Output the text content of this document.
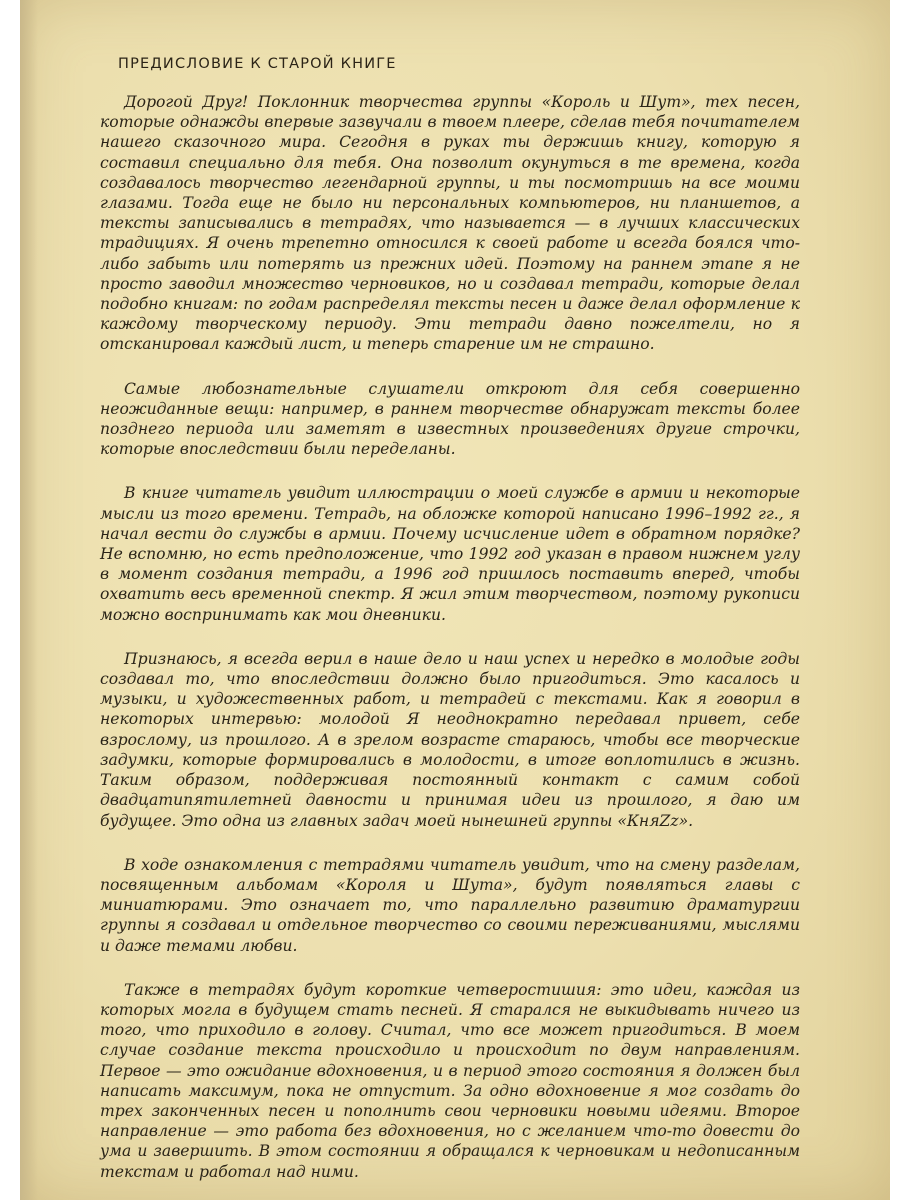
ПРЕДИСЛОВИЕ К СТАРОЙ КНИГЕ

Дорогой Друг! Поклонник творчества группы «Король и Шут», тех песен, которые однажды впервые зазвучали в твоем плеере, сделав тебя почитателем нашего сказочного мира. Сегодня в руках ты держишь книгу, которую я составил специально для тебя. Она позволит окунуться в те времена, когда создавалось творчество легендарной группы, и ты посмотришь на все моими глазами. Тогда еще не было ни персональных компьютеров, ни планшетов, а тексты записывались в тетрадях, что называется — в лучших классических традициях. Я очень трепетно относился к своей работе и всегда боялся что-либо забыть или потерять из прежних идей. Поэтому на раннем этапе я не просто заводил множество черновиков, но и создавал тетради, которые делал подобно книгам: по годам распределял тексты песен и даже делал оформление к каждому творческому периоду. Эти тетради давно пожелтели, но я отсканировал каждый лист, и теперь старение им не страшно.

Самые любознательные слушатели откроют для себя совершенно неожиданные вещи: например, в раннем творчестве обнаружат тексты более позднего периода или заметят в известных произведениях другие строчки, которые впоследствии были переделаны.

В книге читатель увидит иллюстрации о моей службе в армии и некоторые мысли из того времени. Тетрадь, на обложке которой написано 1996–1992 гг., я начал вести до службы в армии. Почему исчисление идет в обратном порядке? Не вспомню, но есть предположение, что 1992 год указан в правом нижнем углу в момент создания тетради, а 1996 год пришлось поставить вперед, чтобы охватить весь временной спектр. Я жил этим творчеством, поэтому рукописи можно воспринимать как мои дневники.

Признаюсь, я всегда верил в наше дело и наш успех и нередко в молодые годы создавал то, что впоследствии должно было пригодиться. Это касалось и музыки, и художественных работ, и тетрадей с текстами. Как я говорил в некоторых интервью: молодой Я неоднократно передавал привет, себе взрослому, из прошлого. А в зрелом возрасте стараюсь, чтобы все творческие задумки, которые формировались в молодости, в итоге воплотились в жизнь. Таким образом, поддерживая постоянный контакт с самим собой двадцатипятилетней давности и принимая идеи из прошлого, я даю им будущее. Это одна из главных задач моей нынешней группы «КняZz».

В ходе ознакомления с тетрадями читатель увидит, что на смену разделам, посвященным альбомам «Короля и Шута», будут появляться главы с миниатюрами. Это означает то, что параллельно развитию драматургии группы я создавал и отдельное творчество со своими переживаниями, мыслями и даже темами любви.

Также в тетрадях будут короткие четверостишия: это идеи, каждая из которых могла в будущем стать песней. Я старался не выкидывать ничего из того, что приходило в голову. Считал, что все может пригодиться. В моем случае создание текста происходило и происходит по двум направлениям. Первое — это ожидание вдохновения, и в период этого состояния я должен был написать максимум, пока не отпустит. За одно вдохновение я мог создать до трех законченных песен и пополнить свои черновики новыми идеями. Второе направление — это работа без вдохновения, но с желанием что-то довести до ума и завершить. В этом состоянии я обращался к черновикам и недописанным текстам и работал над ними.
